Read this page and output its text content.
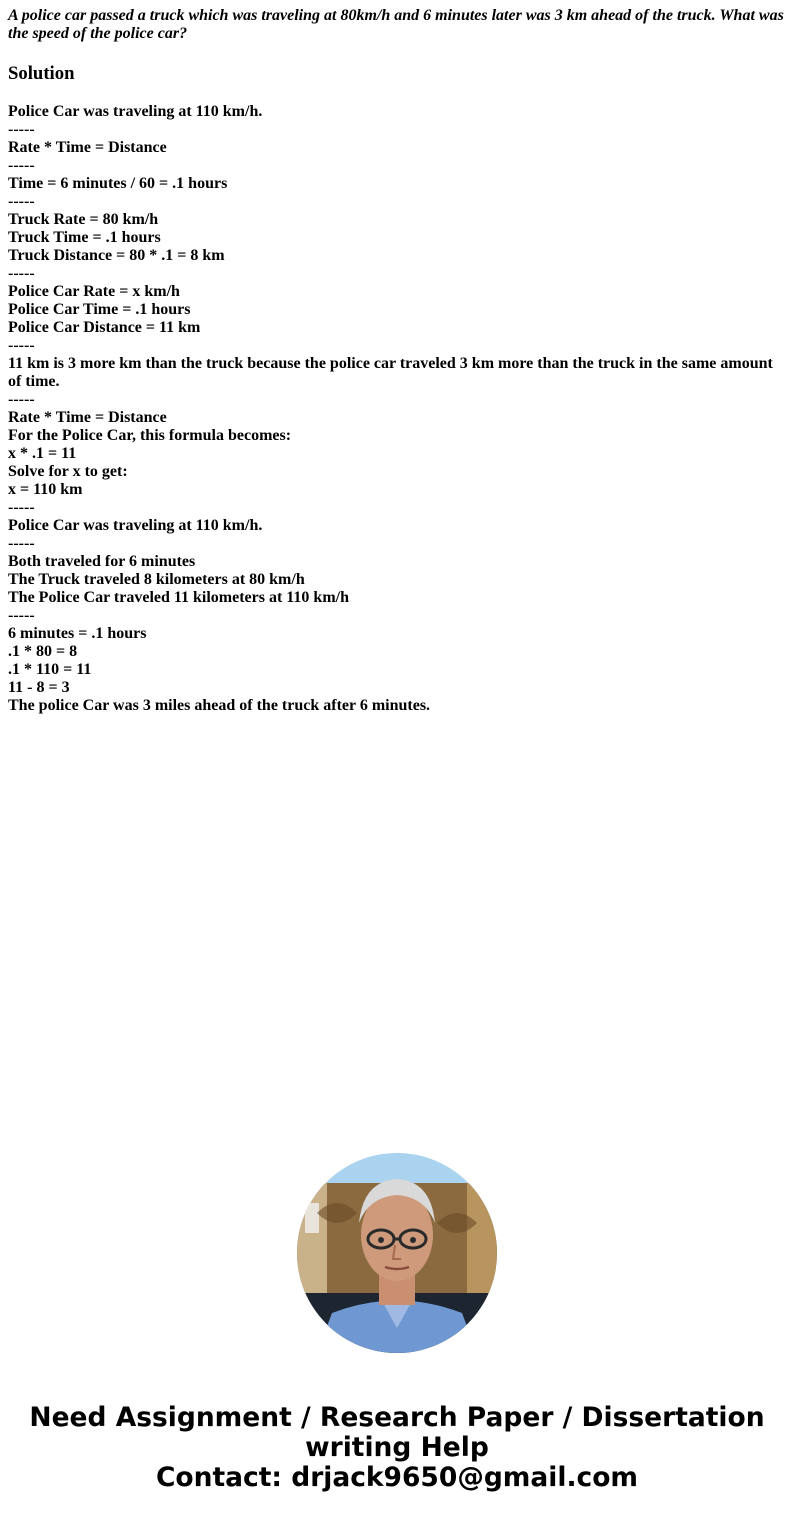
A police car passed a truck which was traveling at 80km/h and 6 minutes later was 3 km ahead of the truck. What was the speed of the police car?

Solution
Police Car was traveling at 110 km/h.
-----
Rate * Time = Distance
-----
Time = 6 minutes / 60 = .1 hours
-----
Truck Rate = 80 km/h
Truck Time = .1 hours
Truck Distance = 80 * .1 = 8 km
-----
Police Car Rate = x km/h
Police Car Time = .1 hours
Police Car Distance = 11 km
-----
11 km is 3 more km than the truck because the police car traveled 3 km more than the truck in the same amount of time.
-----
Rate * Time = Distance
For the Police Car, this formula becomes:
x * .1 = 11
Solve for x to get:
x = 110 km
-----
Police Car was traveling at 110 km/h.
-----
Both traveled for 6 minutes
The Truck traveled 8 kilometers at 80 km/h
The Police Car traveled 11 kilometers at 110 km/h
-----
6 minutes = .1 hours
.1 * 80 = 8
.1 * 110 = 11
11 - 8 = 3
The police Car was 3 miles ahead of the truck after 6 minutes.
Need Assignment / Research Paper / Dissertation
writing Help
Contact: drjack9650@gmail.com
